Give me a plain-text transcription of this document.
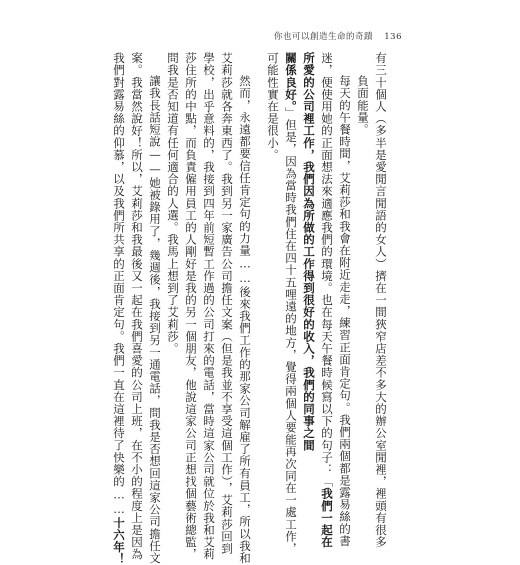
你也可以創造生命的奇蹟 136
有三十個人（多半是愛閒言閒語的女人）擠在一間狹窄店差不多大的辦公室閒裡，裡頭有很多
負面能量。
每天的午餐時間，艾莉莎和我會在附近走走，練習正面肯定句。我們兩個都是露易絲的書
迷，便使用她的正面想法來適應我們的環境。也在每天午餐時候寫以下的句子：「我們一起在
所愛的公司裡工作，我們因為所做的工作得到很好的收入，我們的同事之間
關係良好。」但是，因為當時我們住在四十五哩遠的地方，覺得兩個人要能再次同在一處工作，
可能性實在是很小。
然而，永遠都要信任肯定句的力量……後來我們工作的那家公司解雇了所有員工，所以我和
艾莉莎就各奔東西了。我到另一家廣告公司擔任文案（但是我並不享受這個工作），艾莉莎回到
學校，出乎意料的，我接到四年前短暫工作過的公司打來的電話，當時這家公司就位於我和艾莉
莎住所的中點，而負責僱用員工的人剛好是我的另一個朋友，他說這家公司正想找個藝術總監，
問我是否知道有任何適合的人選。我馬上想到了艾莉莎。
讓我長話短說——她被錄用了，幾週後，我接到另一通電話，問我是否想回這家公司擔任文
案。我當然說好！所以，艾莉莎和我最後又一起在我們喜愛的公司上班，在不小的程度上是因為
我們對露易絲的仰慕，以及我們所共享的正面肯定句。我們一直在這裡待了快樂的……十六年！
